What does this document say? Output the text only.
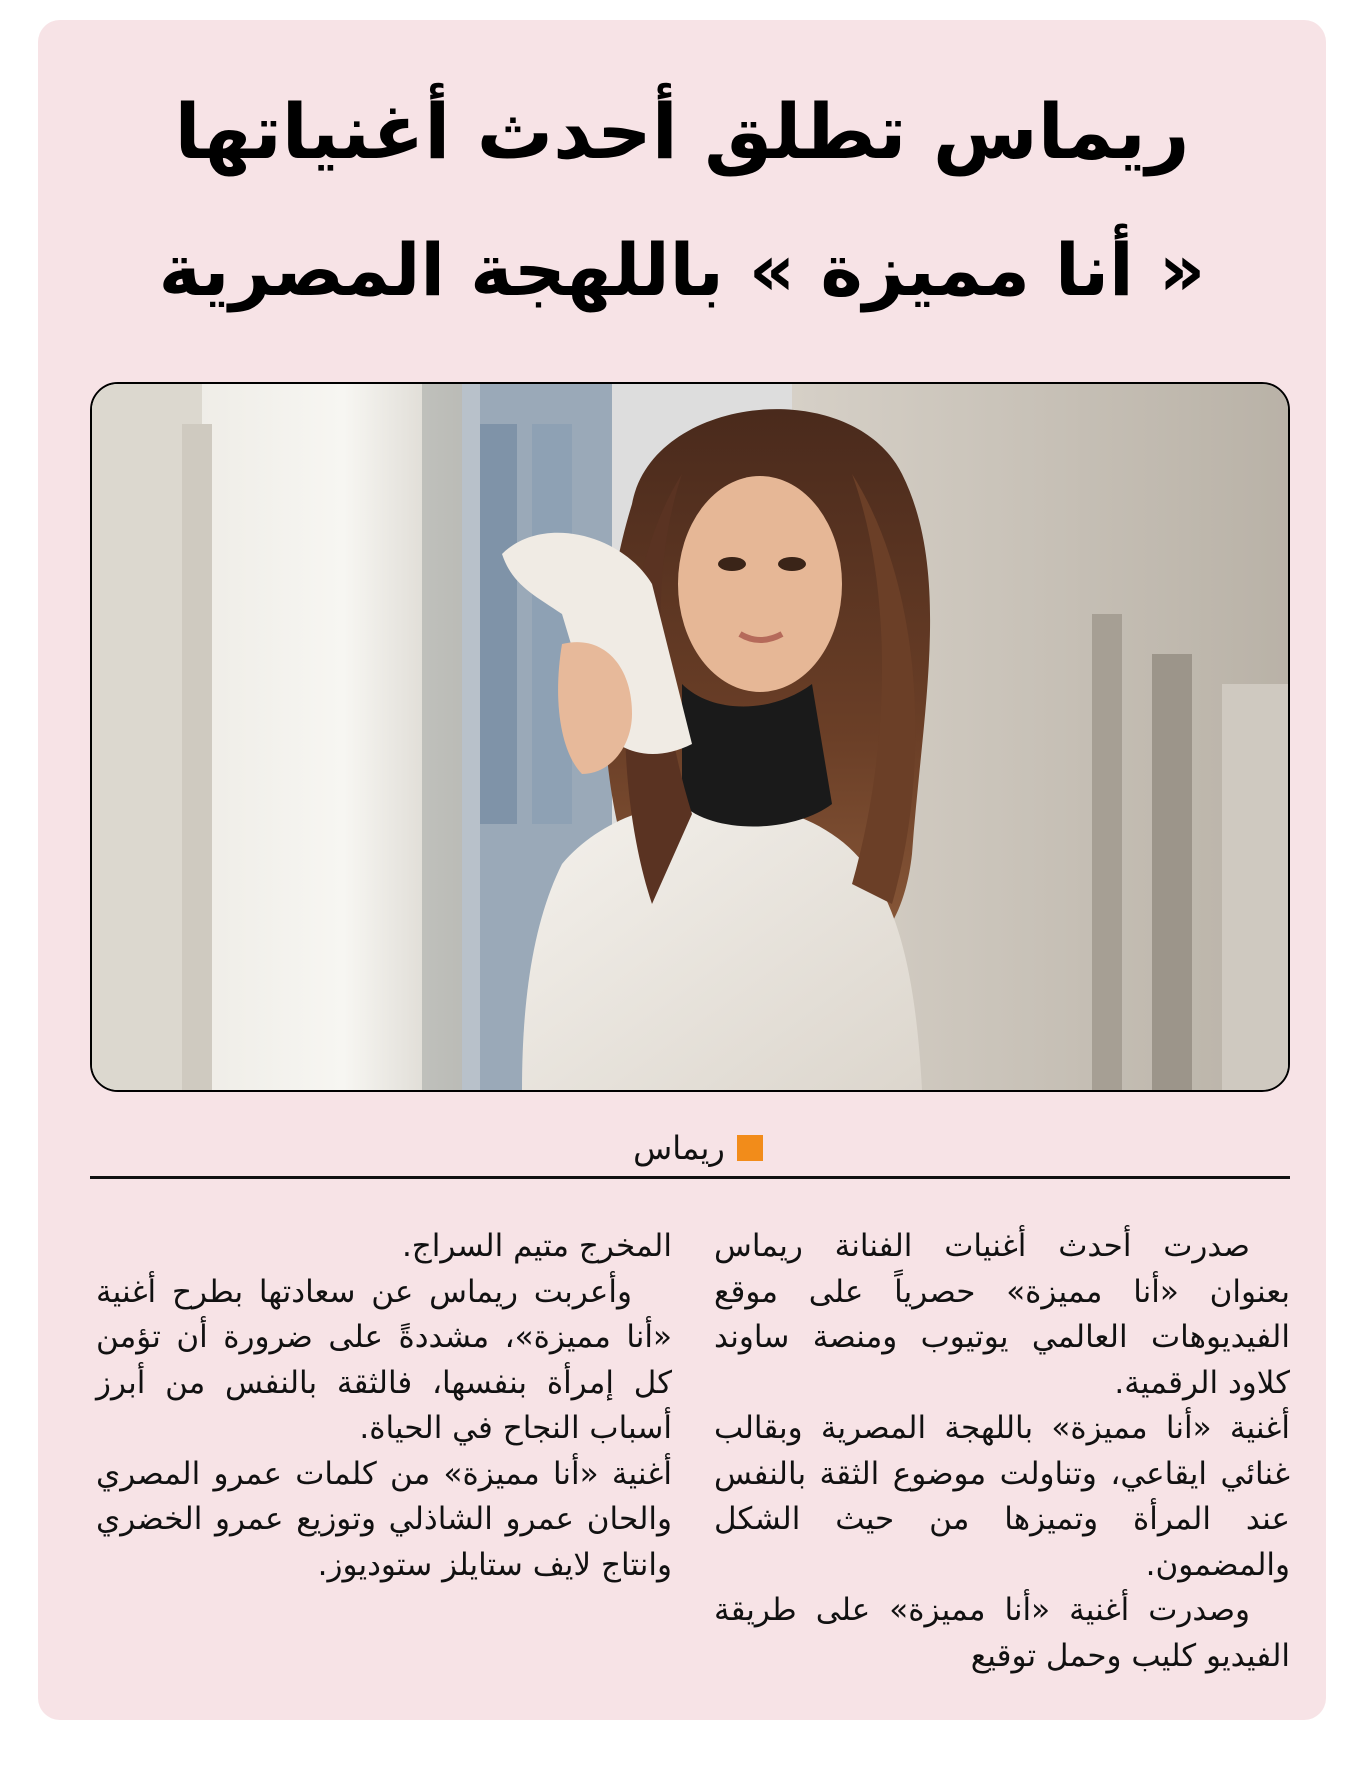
ريماس تطلق أحدث أغنياتها
« أنا مميزة » باللهجة المصرية
ريماس

صدرت أحدث أغنيات الفنانة ريماس بعنوان «أنا مميزة» حصرياً على موقع الفيديوهات العالمي يوتيوب ومنصة ساوند كلاود الرقمية.

أغنية «أنا مميزة» باللهجة المصرية وبقالب غنائي ايقاعي، وتناولت موضوع الثقة بالنفس عند المرأة وتميزها من حيث الشكل والمضمون.

وصدرت أغنية «أنا مميزة» على طريقة الفيديو كليب وحمل توقيع

المخرج متيم السراج.

وأعربت ريماس عن سعادتها بطرح أغنية «أنا مميزة»، مشددةً على ضرورة أن تؤمن كل إمرأة بنفسها، فالثقة بالنفس من أبرز أسباب النجاح في الحياة.

أغنية «أنا مميزة» من كلمات عمرو المصري والحان عمرو الشاذلي وتوزيع عمرو الخضري وانتاج لايف ستايلز ستوديوز.
